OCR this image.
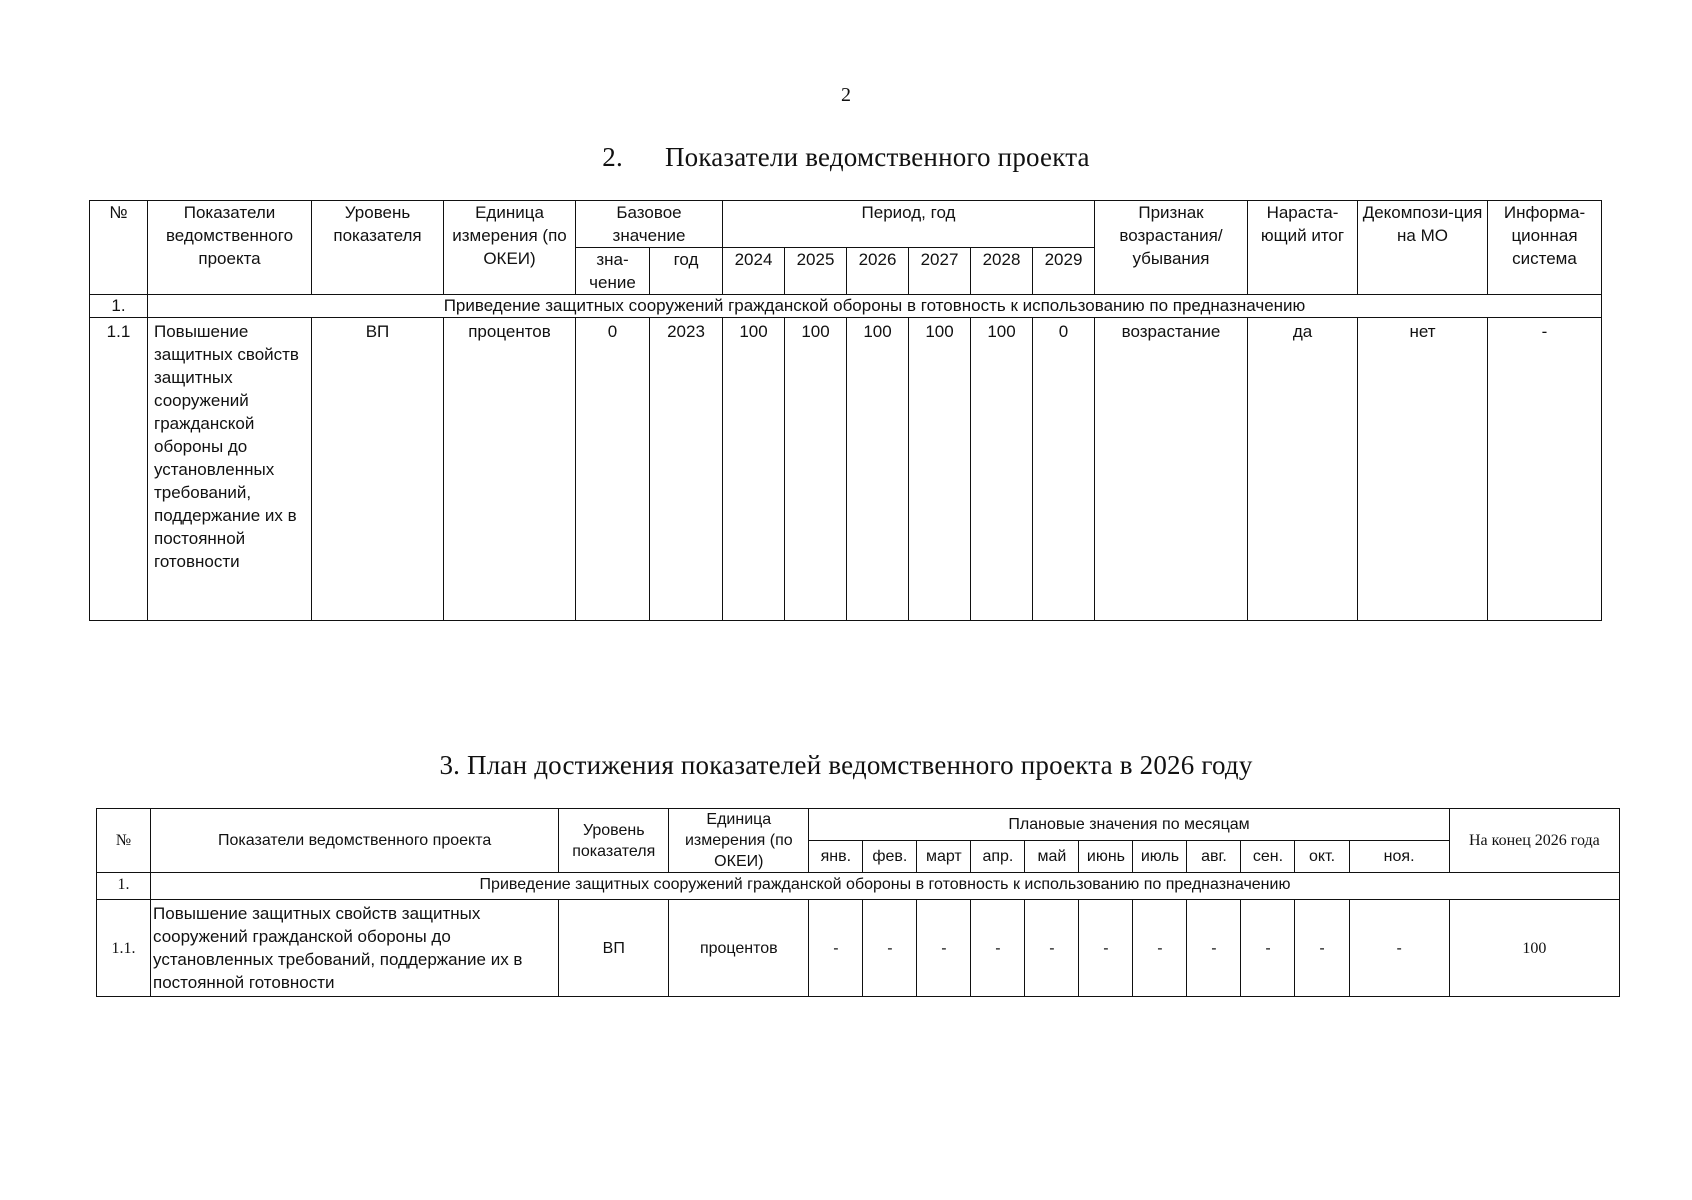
2
2. Показатели ведомственного проекта
№	Показатели ведомственного проекта	Уровень показателя	Единица измерения (по ОКЕИ)	Базовое значение		Период, год						Признак возрастания/ убывания	Нараста-ющий итог	Декомпози-ция на МО	Информа-ционная система
				зна-чение	год	2024	2025	2026	2027	2028	2029				
1.	Приведение защитных сооружений гражданской обороны в готовность к использованию по предназначению														
1.1	Повышение защитных свойств защитных сооружений гражданской обороны до установленных требований, поддержание их в постоянной готовности	ВП	процентов	0	2023	100	100	100	100	100	0	возрастание	да	нет	-
3. План достижения показателей ведомственного проекта в 2026 году
№	Показатели ведомственного проекта	Уровень показателя	Единица измерения (по ОКЕИ)	Плановые значения по месяцам											На конец 2026 года
				янв.	фев.	март	апр.	май	июнь	июль	авг.	сен.	окт.	ноя.	
1.	Приведение защитных сооружений гражданской обороны в готовность к использованию по предназначению														
1.1.	Повышение защитных свойств защитных сооружений гражданской обороны до установленных требований, поддержание их в постоянной готовности	ВП	процентов	-	-	-	-	-	-	-	-	-	-	-	100
